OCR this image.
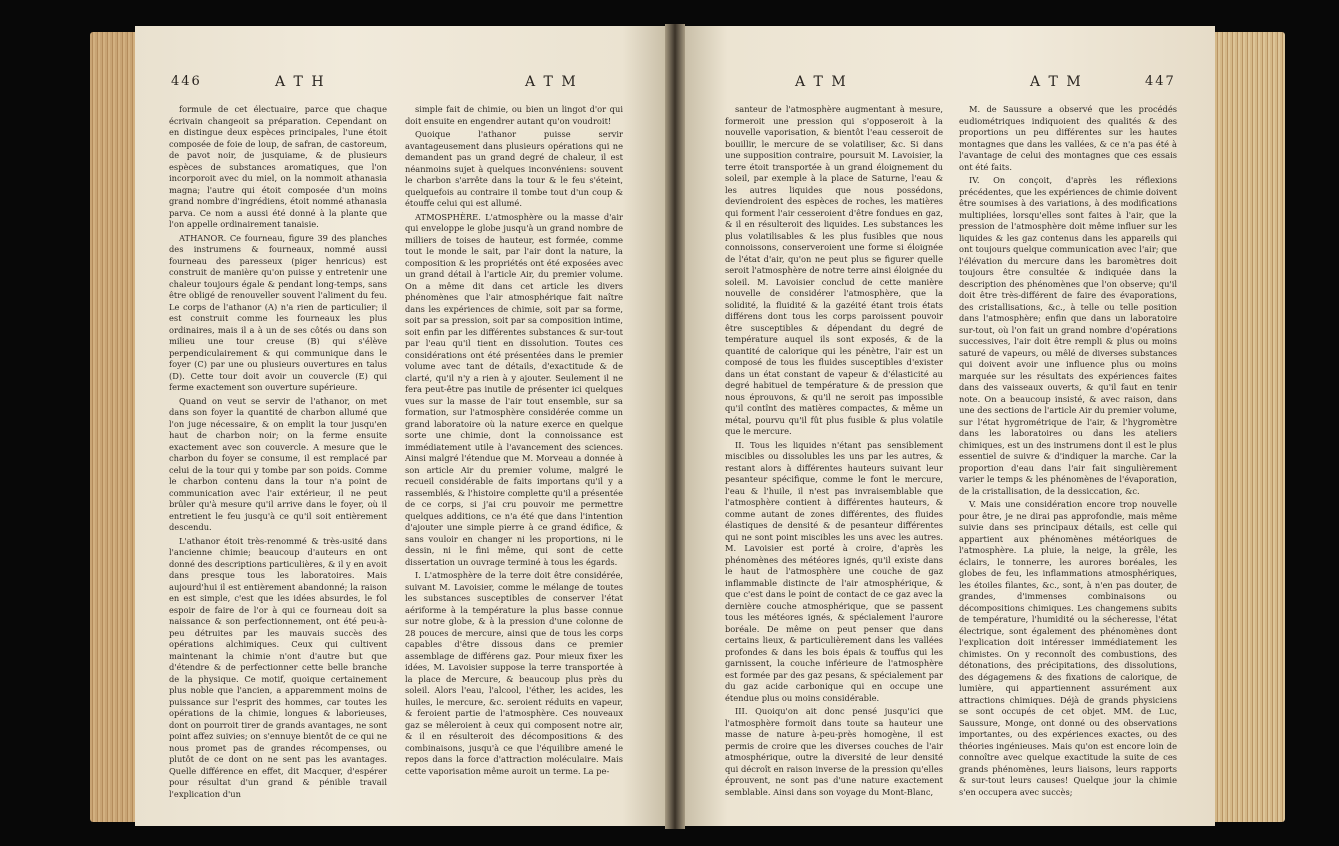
446	A T H	A T M

formule de cet électuaire, parce que chaque écrivain changeoit sa préparation. Cependant on en distingue deux espèces principales, l'une étoit composée de foie de loup, de safran, de castoreum, de pavot noir, de jusquiame, & de plusieurs espèces de substances aromatiques, que l'on incorporoit avec du miel, on la nommoit athanasia magna; l'autre qui étoit composée d'un moins grand nombre d'ingrédiens, étoit nommé athanasia parva. Ce nom a aussi été donné à la plante que l'on appelle ordinairement tanaisie.

ATHANOR. Ce fourneau, figure 39 des planches des instrumens & fourneaux, nommé aussi fourneau des paresseux (piger henricus) est construit de manière qu'on puisse y entretenir une chaleur toujours égale & pendant long-temps, sans être obligé de renouveller souvent l'aliment du feu. Le corps de l'athanor (A) n'a rien de particulier; il est construit comme les fourneaux les plus ordinaires, mais il a à un de ses côtés ou dans son milieu une tour creuse (B) qui s'élève perpendiculairement & qui communique dans le foyer (C) par une ou plusieurs ouvertures en talus (D). Cette tour doit avoir un couvercle (E) qui ferme exactement son ouverture supérieure.

Quand on veut se servir de l'athanor, on met dans son foyer la quantité de charbon allumé que l'on juge nécessaire, & on emplit la tour jusqu'en haut de charbon noir; on la ferme ensuite exactement avec son couvercle. A mesure que le charbon du foyer se consume, il est remplacé par celui de la tour qui y tombe par son poids. Comme le charbon contenu dans la tour n'a point de communication avec l'air extérieur, il ne peut brûler qu'à mesure qu'il arrive dans le foyer, où il entretient le feu jusqu'à ce qu'il soit entièrement descendu.

L'athanor étoit très-renommé & très-usité dans l'ancienne chimie; beaucoup d'auteurs en ont donné des descriptions particulières, & il y en avoit dans presque tous les laboratoires. Mais aujourd'hui il est entièrement abandonné; la raison en est simple, c'est que les idées absurdes, le fol espoir de faire de l'or à qui ce fourneau doit sa naissance & son perfectionnement, ont été peu-à-peu détruites par les mauvais succès des opérations alchimiques. Ceux qui cultivent maintenant la chimie n'ont d'autre but que d'étendre & de perfectionner cette belle branche de la physique. Ce motif, quoique certainement plus noble que l'ancien, a apparemment moins de puissance sur l'esprit des hommes, car toutes les opérations de la chimie, longues & laborieuses, dont on pourroit tirer de grands avantages, ne sont point affez suivies; on s'ennuye bientôt de ce qui ne nous promet pas de grandes récompenses, ou plutôt de ce dont on ne sent pas les avantages. Quelle différence en effet, dit Macquer, d'espérer pour résultat d'un grand & pénible travail l'explication d'un

simple fait de chimie, ou bien un lingot d'or qui doit ensuite en engendrer autant qu'on voudroit!

Quoique l'athanor puisse servir avantageusement dans plusieurs opérations qui ne demandent pas un grand degré de chaleur, il est néanmoins sujet à quelques inconvéniens: souvent le charbon s'arrête dans la tour & le feu s'éteint, quelquefois au contraire il tombe tout d'un coup & étouffe celui qui est allumé.

ATMOSPHÈRE. L'atmosphère ou la masse d'air qui enveloppe le globe jusqu'à un grand nombre de milliers de toises de hauteur, est formée, comme tout le monde le sait, par l'air dont la nature, la composition & les propriétés ont été exposées avec un grand détail à l'article Air, du premier volume. On a même dit dans cet article les divers phénomènes que l'air atmosphérique fait naître dans les expériences de chimie, soit par sa forme, soit par sa pression, soit par sa composition intime, soit enfin par les différentes substances & sur-tout par l'eau qu'il tient en dissolution. Toutes ces considérations ont été présentées dans le premier volume avec tant de détails, d'exactitude & de clarté, qu'il n'y a rien à y ajouter. Seulement il ne fera peut-être pas inutile de présenter ici quelques vues sur la masse de l'air tout ensemble, sur sa formation, sur l'atmosphère considérée comme un grand laboratoire où la nature exerce en quelque sorte une chimie, dont la connoissance est immédiatement utile à l'avancement des sciences. Ainsi malgré l'étendue que M. Morveau a donnée à son article Air du premier volume, malgré le recueil considérable de faits importans qu'il y a rassemblés, & l'histoire complette qu'il a présentée de ce corps, si j'ai cru pouvoir me permettre quelques additions, ce n'a été que dans l'intention d'ajouter une simple pierre à ce grand édifice, & sans vouloir en changer ni les proportions, ni le dessin, ni le fini même, qui sont de cette dissertation un ouvrage terminé à tous les égards.

I. L'atmosphère de la terre doit être considérée, suivant M. Lavoisier, comme le mélange de toutes les substances susceptibles de conserver l'état aériforme à la température la plus basse connue sur notre globe, & à la pression d'une colonne de 28 pouces de mercure, ainsi que de tous les corps capables d'être dissous dans ce premier assemblage de différens gaz. Pour mieux fixer les idées, M. Lavoisier suppose la terre transportée à la place de Mercure, & beaucoup plus près du soleil. Alors l'eau, l'alcool, l'éther, les acides, les huiles, le mercure, &c. seroient réduits en vapeur, & feroient partie de l'atmosphère. Ces nouveaux gaz se mêleroient à ceux qui composent notre air, & il en résulteroit des décompositions & des combinaisons, jusqu'à ce que l'équilibre amené le repos dans la force d'attraction moléculaire. Mais cette vaporisation même auroit un terme. La pe-

A T M	A T M	447

santeur de l'atmosphère augmentant à mesure, formeroit une pression qui s'opposeroit à la nouvelle vaporisation, & bientôt l'eau cesseroit de bouillir, le mercure de se volatiliser, &c. Si dans une supposition contraire, poursuit M. Lavoisier, la terre étoit transportée à un grand éloignement du soleil, par exemple à la place de Saturne, l'eau & les autres liquides que nous possédons, deviendroient des espèces de roches, les matières qui forment l'air cesseroient d'être fondues en gaz, & il en résulteroit des liquides. Les substances les plus volatilisables & les plus fusibles que nous connoissons, conserveroient une forme si éloignée de l'état d'air, qu'on ne peut plus se figurer quelle seroit l'atmosphère de notre terre ainsi éloignée du soleil. M. Lavoisier conclud de cette manière nouvelle de considérer l'atmosphère, que la solidité, la fluidité & la gazéité étant trois états différens dont tous les corps paroissent pouvoir être susceptibles & dépendant du degré de température auquel ils sont exposés, & de la quantité de calorique qui les pénètre, l'air est un composé de tous les fluides susceptibles d'exister dans un état constant de vapeur & d'élasticité au degré habituel de température & de pression que nous éprouvons, & qu'il ne seroit pas impossible qu'il contînt des matières compactes, & même un métal, pourvu qu'il fût plus fusible & plus volatile que le mercure.

II. Tous les liquides n'étant pas sensiblement miscibles ou dissolubles les uns par les autres, & restant alors à différentes hauteurs suivant leur pesanteur spécifique, comme le font le mercure, l'eau & l'huile, il n'est pas invraisemblable que l'atmosphère contient à différentes hauteurs, & comme autant de zones différentes, des fluides élastiques de densité & de pesanteur différentes qui ne sont point miscibles les uns avec les autres. M. Lavoisier est porté à croire, d'après les phénomènes des météores ignés, qu'il existe dans le haut de l'atmosphère une couche de gaz inflammable distincte de l'air atmosphérique, & que c'est dans le point de contact de ce gaz avec la dernière couche atmosphérique, que se passent tous les météores ignés, & spécialement l'aurore boréale. De même on peut penser que dans certains lieux, & particulièrement dans les vallées profondes & dans les bois épais & touffus qui les garnissent, la couche inférieure de l'atmosphère est formée par des gaz pesans, & spécialement par du gaz acide carbonique qui en occupe une étendue plus ou moins considérable.

III. Quoiqu'on ait donc pensé jusqu'ici que l'atmosphère formoit dans toute sa hauteur une masse de nature à-peu-près homogène, il est permis de croire que les diverses couches de l'air atmosphérique, outre la diversité de leur densité qui décroît en raison inverse de la pression qu'elles éprouvent, ne sont pas d'une nature exactement semblable. Ainsi dans son voyage du Mont-Blanc,

M. de Saussure a observé que les procédés eudiométriques indiquoient des qualités & des proportions un peu différentes sur les hautes montagnes que dans les vallées, & ce n'a pas été à l'avantage de celui des montagnes que ces essais ont été faits.

IV. On conçoit, d'après les réflexions précédentes, que les expériences de chimie doivent être soumises à des variations, à des modifications multipliées, lorsqu'elles sont faites à l'air, que la pression de l'atmosphère doit même influer sur les liquides & les gaz contenus dans les appareils qui ont toujours quelque communication avec l'air; que l'élévation du mercure dans les baromètres doit toujours être consultée & indiquée dans la description des phénomènes que l'on observe; qu'il doit être très-différent de faire des évaporations, des cristallisations, &c., à telle ou telle position dans l'atmosphère; enfin que dans un laboratoire sur-tout, où l'on fait un grand nombre d'opérations successives, l'air doit être rempli & plus ou moins saturé de vapeurs, ou mêlé de diverses substances qui doivent avoir une influence plus ou moins marquée sur les résultats des expériences faites dans des vaisseaux ouverts, & qu'il faut en tenir note. On a beaucoup insisté, & avec raison, dans une des sections de l'article Air du premier volume, sur l'état hygrométrique de l'air, & l'hygromètre dans les laboratoires ou dans les ateliers chimiques, est un des instrumens dont il est le plus essentiel de suivre & d'indiquer la marche. Car la proportion d'eau dans l'air fait singulièrement varier le temps & les phénomènes de l'évaporation, de la cristallisation, de la dessiccation, &c.

V. Mais une considération encore trop nouvelle pour être, je ne dirai pas approfondie, mais même suivie dans ses principaux détails, est celle qui appartient aux phénomènes météoriques de l'atmosphère. La pluie, la neige, la grêle, les éclairs, le tonnerre, les aurores boréales, les globes de feu, les inflammations atmosphériques, les étoiles filantes, &c., sont, à n'en pas douter, de grandes, d'immenses combinaisons ou décompositions chimiques. Les changemens subits de température, l'humidité ou la sécheresse, l'état électrique, sont également des phénomènes dont l'explication doit intéresser immédiatement les chimistes. On y reconnoît des combustions, des détonations, des précipitations, des dissolutions, des dégagemens & des fixations de calorique, de lumière, qui appartiennent assurément aux attractions chimiques. Déjà de grands physiciens se sont occupés de cet objet. MM. de Luc, Saussure, Monge, ont donné ou des observations importantes, ou des expériences exactes, ou des théories ingénieuses. Mais qu'on est encore loin de connoître avec quelque exactitude la suite de ces grands phénomènes, leurs liaisons, leurs rapports & sur-tout leurs causes! Quelque jour la chimie s'en occupera avec succès;
